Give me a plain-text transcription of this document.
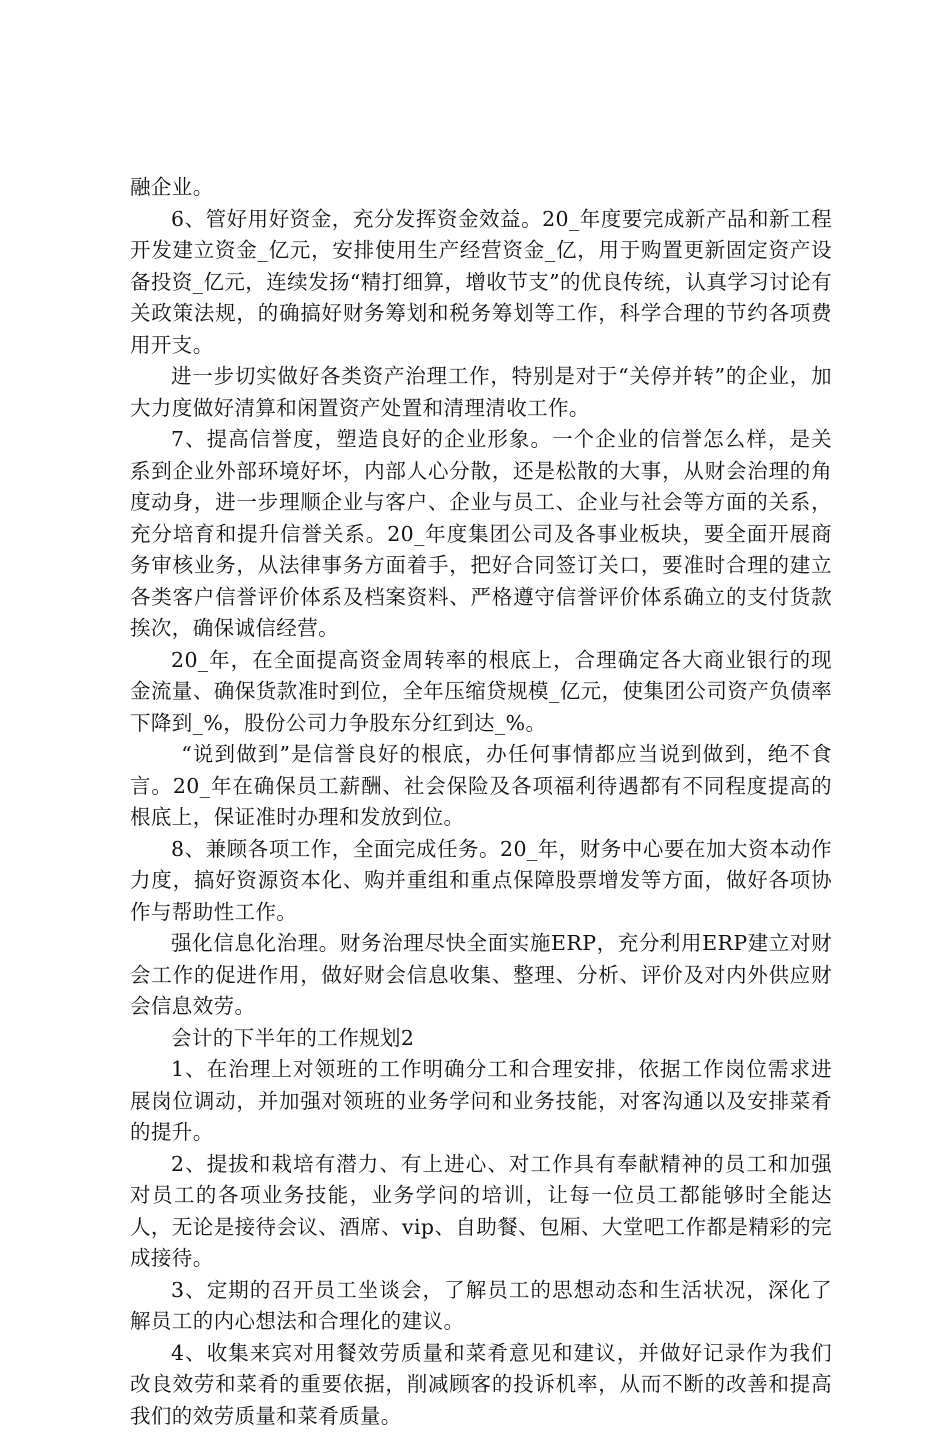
融企业。

6、管好用好资金，充分发挥资金效益。20_年度要完成新产品和新工程开发建立资金_亿元，安排使用生产经营资金_亿，用于购置更新固定资产设备投资_亿元，连续发扬“精打细算，增收节支”的优良传统，认真学习讨论有关政策法规，的确搞好财务筹划和税务筹划等工作，科学合理的节约各项费用开支。

进一步切实做好各类资产治理工作，特别是对于“关停并转”的企业，加大力度做好清算和闲置资产处置和清理清收工作。

7、提高信誉度，塑造良好的企业形象。一个企业的信誉怎么样，是关系到企业外部环境好坏，内部人心分散，还是松散的大事，从财会治理的角度动身，进一步理顺企业与客户、企业与员工、企业与社会等方面的关系，充分培育和提升信誉关系。20_年度集团公司及各事业板块，要全面开展商务审核业务，从法律事务方面着手，把好合同签订关口，要准时合理的建立各类客户信誉评价体系及档案资料、严格遵守信誉评价体系确立的支付货款挨次，确保诚信经营。

20_年，在全面提高资金周转率的根底上，合理确定各大商业银行的现金流量、确保货款准时到位，全年压缩贷规模_亿元，使集团公司资产负债率下降到_%，股份公司力争股东分红到达_%。

“说到做到”是信誉良好的根底，办任何事情都应当说到做到，绝不食言。20_年在确保员工薪酬、社会保险及各项福利待遇都有不同程度提高的根底上，保证准时办理和发放到位。

8、兼顾各项工作，全面完成任务。20_年，财务中心要在加大资本动作力度，搞好资源资本化、购并重组和重点保障股票增发等方面，做好各项协作与帮助性工作。

强化信息化治理。财务治理尽快全面实施ERP，充分利用ERP建立对财会工作的促进作用，做好财会信息收集、整理、分析、评价及对内外供应财会信息效劳。

会计的下半年的工作规划2

1、在治理上对领班的工作明确分工和合理安排，依据工作岗位需求进展岗位调动，并加强对领班的业务学问和业务技能，对客沟通以及安排菜肴的提升。

2、提拔和栽培有潜力、有上进心、对工作具有奉献精神的员工和加强对员工的各项业务技能，业务学问的培训，让每一位员工都能够时全能达人，无论是接待会议、酒席、vip、自助餐、包厢、大堂吧工作都是精彩的完成接待。

3、定期的召开员工坐谈会，了解员工的思想动态和生活状况，深化了解员工的内心想法和合理化的建议。

4、收集来宾对用餐效劳质量和菜肴意见和建议，并做好记录作为我们改良效劳和菜肴的重要依据，削减顾客的投诉机率，从而不断的改善和提高我们的效劳质量和菜肴质量。
